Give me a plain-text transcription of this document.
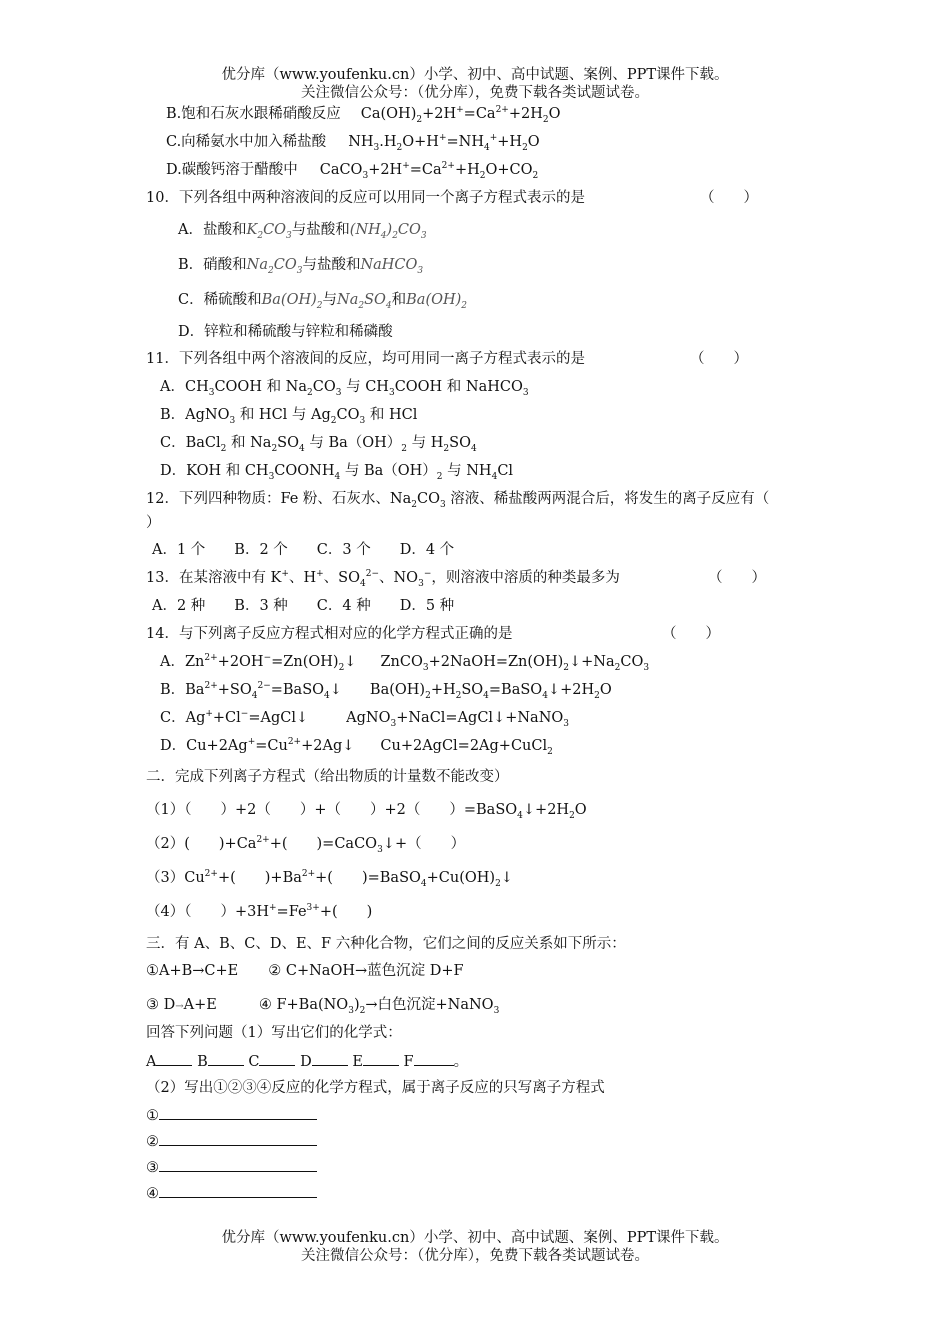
优分库（www.youfenku.cn）小学、初中、高中试题、案例、PPT课件下载。
关注微信公众号：（优分库），免费下载各类试题试卷。
B.饱和石灰水跟稀硝酸反应 $Ca(OH)_2+2H^+=Ca^{2+}+2H_2O$
C.向稀氨水中加入稀盐酸 $NH_3.H_2O+H^+=NH_4^++H_2O$
D.碳酸钙溶于醋酸中 $CaCO_3+2H^+=Ca^{2+}+H_2O+CO_2$
10．下列各组中两种溶液间的反应可以用同一个离子方程式表示的是	（　　）
A．盐酸和$K_2CO_3$与盐酸和$(NH_4)_2CO_3$
B．硝酸和$Na_2CO_3$与盐酸和NaHCO$_3$
C．稀硫酸和$Ba(OH)_2$与$Na_2SO_4$和$Ba(OH)_2$
D．锌粒和稀硫酸与锌粒和稀磷酸
11．下列各组中两个溶液间的反应，均可用同一离子方程式表示的是	（　　）
A．$CH_3COOH$ 和 $Na_2CO_3$ 与 $CH_3COOH$ 和 NaHCO$_3$
B．AgNO$_3$ 和 HCl 与 $Ag_2CO_3$ 和 HCl
C．BaCl$_2$ 和 $Na_2SO_4$ 与 $Ba(OH)_2$ 与 $H_2SO_4$
D．KOH 和 $CH_3COONH_4$ 与 $Ba(OH)_2$ 与 $NH_4Cl$
12．下列四种物质：Fe 粉、石灰水、$Na_2CO_3$ 溶液、稀盐酸两两混合后，将发生的离子反应有（
）
A．1 个　　B．2 个　　C．3 个　　D．4 个
13．在某溶液中有 K+、H+、$SO_4^{2-}$、$NO_3^-$，则溶液中溶质的种类最多为	（　　）
A．2 种　　B．3 种　　C．4 种　　D．5 种
14．与下列离子反应方程式相对应的化学方程式正确的是	（　　）
A．$Zn^{2+}+2OH^-=Zn(OH)_2↓$ $ZnCO_3+2NaOH=Zn(OH)_2↓+Na_2CO_3$
B．$Ba^{2+}+SO_4^{2-}=BaSO_4↓$ $Ba(OH)_2+H_2SO_4=BaSO_4↓+2H_2O$
C．Ag++Cl−=AgCl↓	AgNO$_3$+NaCl=AgCl↓+NaNO$_3$
D．$Cu+2Ag^+=Cu^{2+}+2Ag↓$ Cu+2AgCl=2Ag+CuCl$_2$
二．完成下列离子方程式（给出物质的计量数不能改变）
（1）（　　）+2（　　）+（　　）+2（　　）$=BaSO_4↓+2H_2O$
（2）(　　)$+Ca^{2+}+$(　　)=CaCO$_3$↓+（　　）
$(3)Cu^{2+}+$(　　)$+Ba^{2+}+$(　　)$=BaSO_4+Cu(OH)_2↓$
（4）（　　）$+3H^+=Fe^{3+}+$(　　)
三．有 A、B、C、D、E、F 六种化合物，它们之间的反应关系如下所示：
①A+B→C+E ② C+NaOH→蓝色沉淀 D+F
③ D→A+E	④ $F+Ba(NO_3)_2\to$白色沉淀+NaNO$_3$
回答下列问题（1）写出它们的化学式：
A	B	C	D	E	F	。
（2）写出①②③④反应的化学方程式，属于离子反应的只写离子方程式
①
②
③
④
优分库（www.youfenku.cn）小学、初中、高中试题、案例、PPT课件下载。
关注微信公众号：（优分库），免费下载各类试题试卷。
